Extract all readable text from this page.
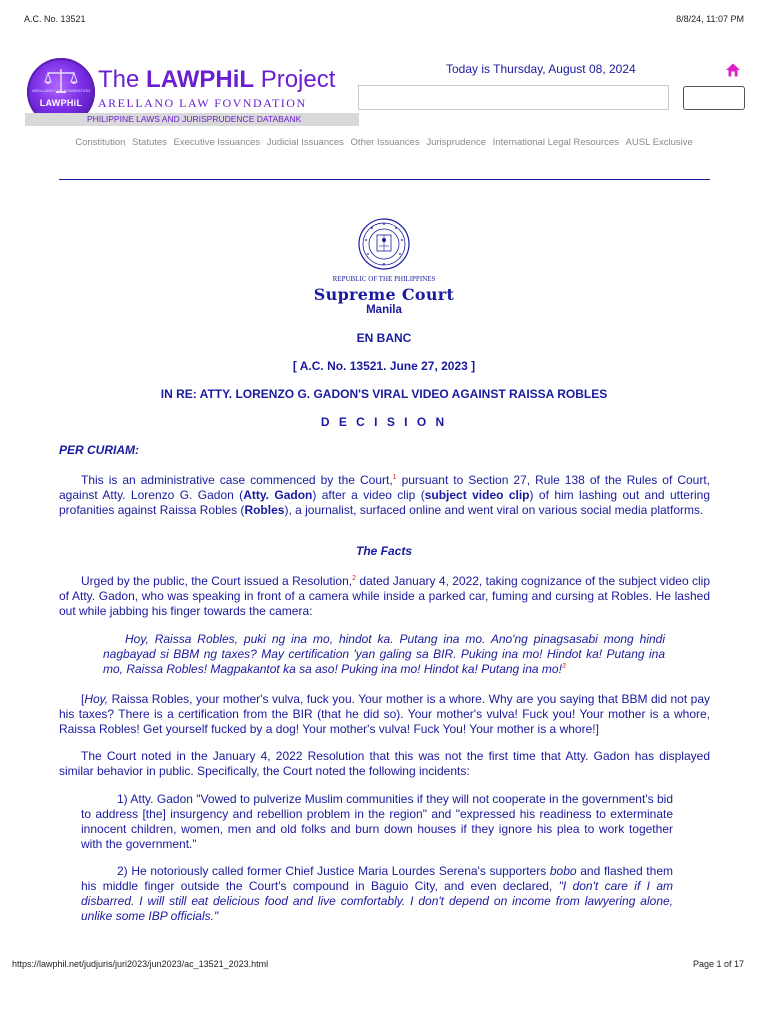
A.C. No. 13521	8/8/24, 11:07 PM
ARELLANO LAW FOUNDATION
LAWPHiL
The LAWPHiL Project
ARELLANO LAW FOVNDATION
PHILIPPINE LAWS AND JURISPRUDENCE DATABANK
Today is Thursday, August 08, 2024
Constitution Statutes Executive Issuances Judicial Issuances Other Issuances Jurisprudence International Legal Resources AUSL Exclusive
REPUBLIC OF THE PHILIPPINES
Supreme Court
Manila
EN BANC
[ A.C. No. 13521. June 27, 2023 ]
IN RE: ATTY. LORENZO G. GADON'S VIRAL VIDEO AGAINST RAISSA ROBLES
D E C I S I O N
PER CURIAM:

This is an administrative case commenced by the Court,$^1$ pursuant to Section 27, Rule 138 of the Rules of Court, against Atty. Lorenzo G. Gadon (Atty. Gadon) after a video clip (subject video clip) of him lashing out and uttering profanities against Raissa Robles (Robles), a journalist, surfaced online and went viral on various social media platforms.

The Facts

Urged by the public, the Court issued a Resolution,$^2$ dated January 4, 2022, taking cognizance of the subject video clip of Atty. Gadon, who was speaking in front of a camera while inside a parked car, fuming and cursing at Robles. He lashed out while jabbing his finger towards the camera:

Hoy, Raissa Robles, puki ng ina mo, hindot ka. Putang ina mo. Ano'ng pinagsasabi mong hindi nagbayad si BBM ng taxes? May certification 'yan galing sa BIR. Puking ina mo! Hindot ka! Putang ina mo, Raissa Robles! Magpakantot ka sa aso! Puking ina mo! Hindot ka! Putang ina mo!$^3$

[Hoy, Raissa Robles, your mother's vulva, fuck you. Your mother is a whore. Why are you saying that BBM did not pay his taxes? There is a certification from the BIR (that he did so). Your mother's vulva! Fuck you! Your mother is a whore, Raissa Robles! Get yourself fucked by a dog! Your mother's vulva! Fuck You! Your mother is a whore!]

The Court noted in the January 4, 2022 Resolution that this was not the first time that Atty. Gadon has displayed similar behavior in public. Specifically, the Court noted the following incidents:

1) Atty. Gadon "Vowed to pulverize Muslim communities if they will not cooperate in the government's bid to address [the] insurgency and rebellion problem in the region" and "expressed his readiness to exterminate innocent children, women, men and old folks and burn down houses if they ignore his plea to work together with the government."
2) He notoriously called former Chief Justice Maria Lourdes Serena's supporters bobo and flashed them his middle finger outside the Court's compound in Baguio City, and even declared, "I don't care if I am disbarred. I will still eat delicious food and live comfortably. I don't depend on income from lawyering alone, unlike some IBP officials."
https://lawphil.net/judjuris/juri2023/jun2023/ac_13521_2023.html	Page 1 of 17
